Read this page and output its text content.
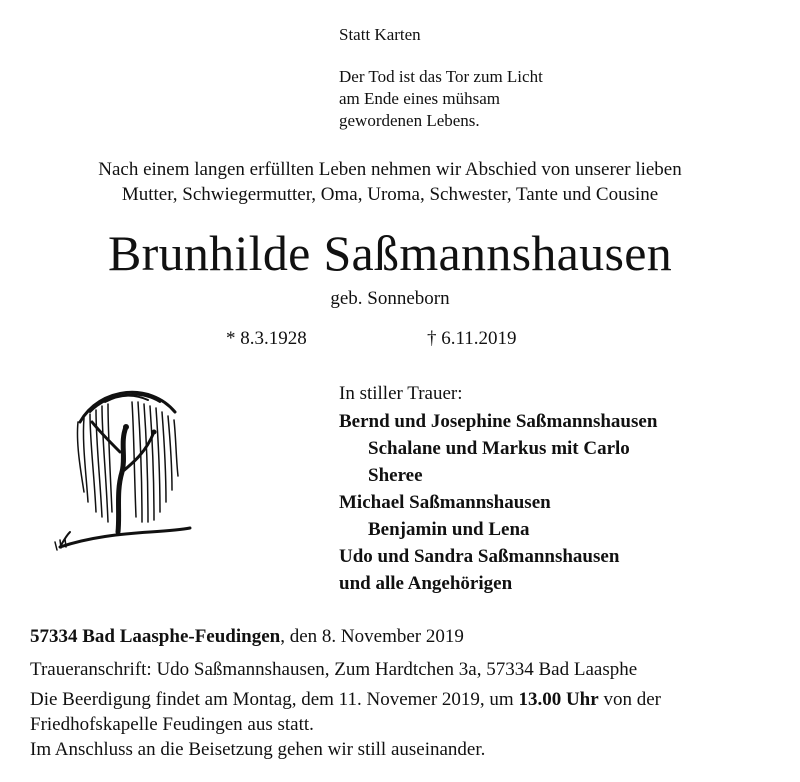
Statt Karten
Der Tod ist das Tor zum Licht
am Ende eines mühsam
gewordenen Lebens.
Nach einem langen erfüllten Leben nehmen wir Abschied von unserer lieben
Mutter, Schwiegermutter, Oma, Uroma, Schwester, Tante und Cousine
Brunhilde Saßmannshausen
geb. Sonneborn
* 8.3.1928	† 6.11.2019
In stiller Trauer:
Bernd und Josephine Saßmannshausen
Schalane und Markus mit Carlo
Sheree
Michael Saßmannshausen
Benjamin und Lena
Udo und Sandra Saßmannshausen
und alle Angehörigen
57334 Bad Laasphe-Feudingen, den 8. November 2019
Traueranschrift: Udo Saßmannshausen, Zum Hardtchen 3a, 57334 Bad Laasphe
Die Beerdigung findet am Montag, dem 11. Novemer 2019, um 13.00 Uhr von der
Friedhofskapelle Feudingen aus statt.
Im Anschluss an die Beisetzung gehen wir still auseinander.
